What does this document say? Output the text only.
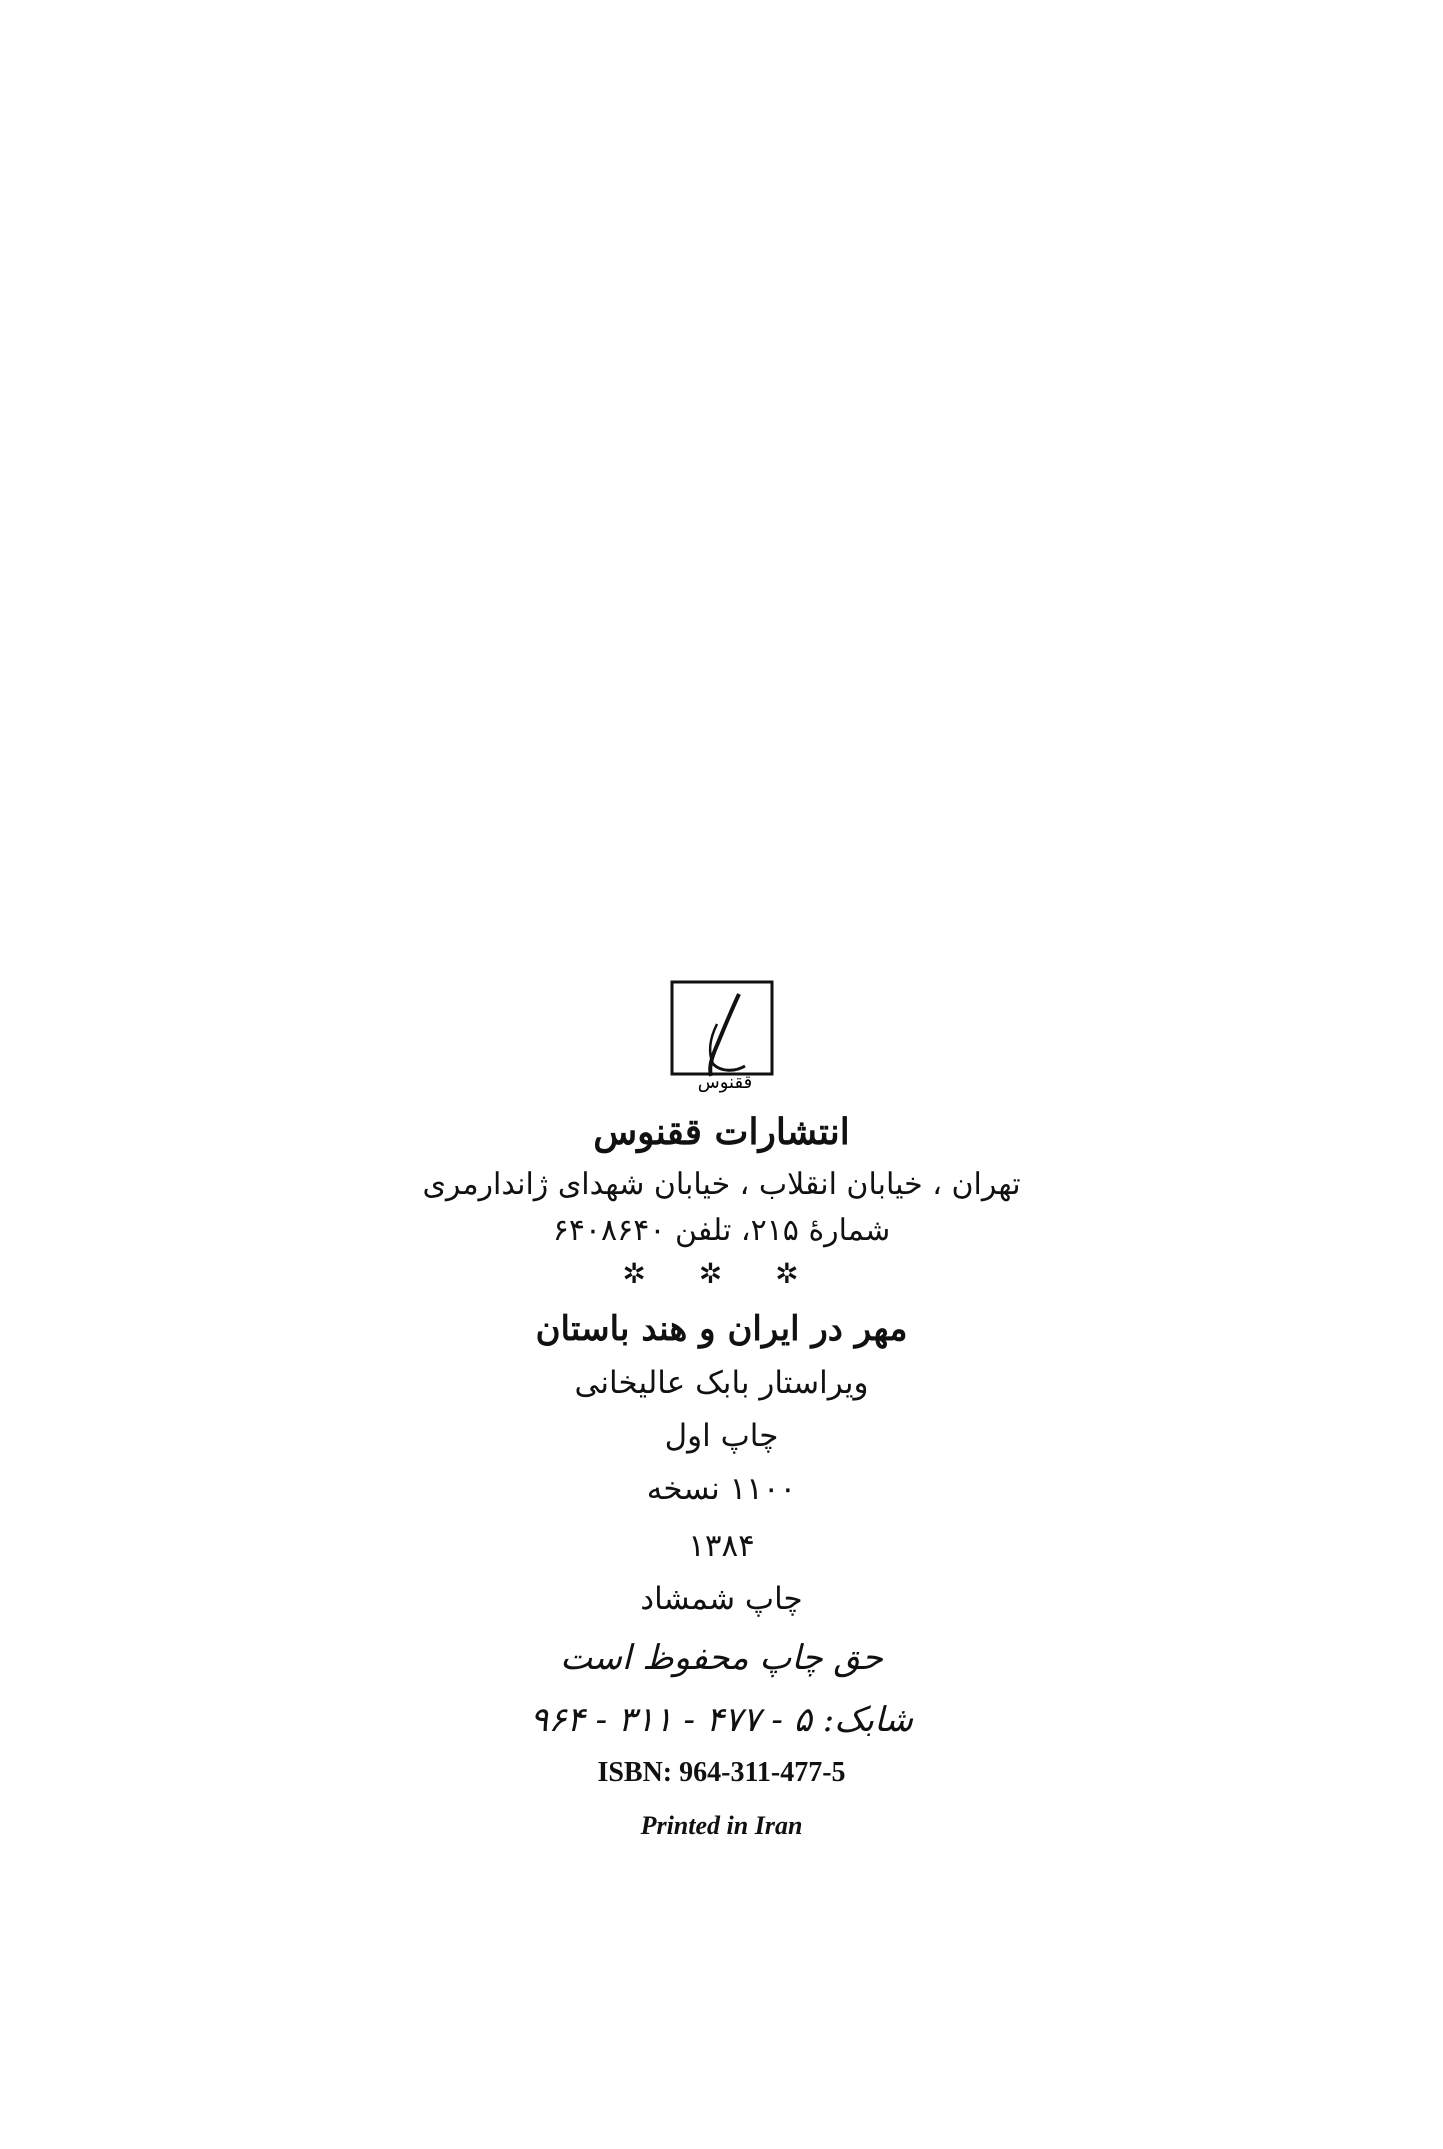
ققنوس
انتشارات ققنوس
تهران ، خیابان انقلاب ، خیابان شهدای ژاندارمری
شمارهٔ ۲۱۵، تلفن ۶۴۰۸۶۴۰
✲ ✲ ✲
مهر در ایران و هند باستان
ویراستار بابک عالیخانی
چاپ اول
۱۱۰۰ نسخه
۱۳۸۴
چاپ شمشاد
حق چاپ محفوظ است
شابک: ۵ - ۴۷۷ - ۳۱۱ - ۹۶۴
ISBN: 964-311-477-5
Printed in Iran
